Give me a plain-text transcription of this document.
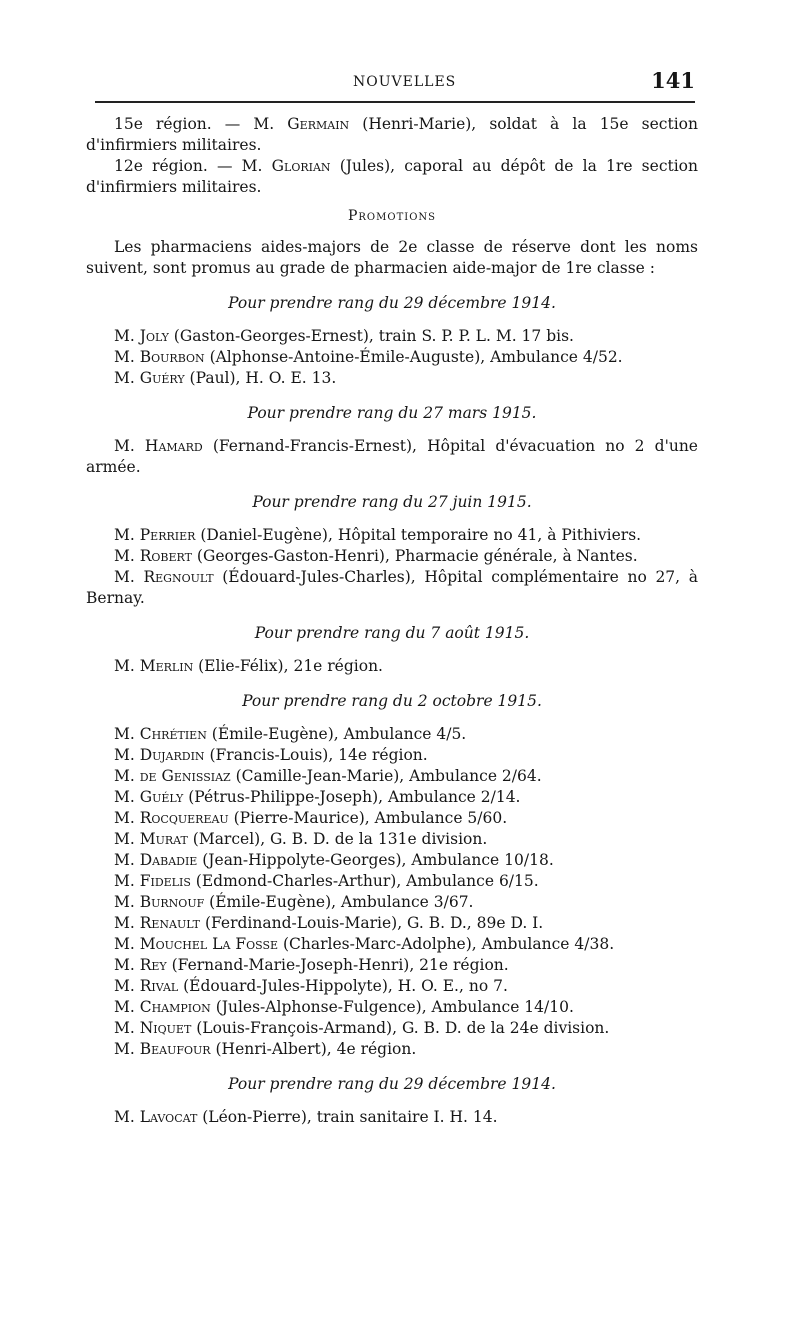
NOUVELLES	141

15e région. — M. Germain (Henri-Marie), soldat à la 15e section d'infirmiers militaires.

12e région. — M. Glorian (Jules), caporal au dépôt de la 1re section d'infirmiers militaires.

Promotions

Les pharmaciens aides-majors de 2e classe de réserve dont les noms suivent, sont promus au grade de pharmacien aide-major de 1re classe :

Pour prendre rang du 29 décembre 1914.

M. Joly (Gaston-Georges-Ernest), train S. P. P. L. M. 17 bis.

M. Bourbon (Alphonse-Antoine-Émile-Auguste), Ambulance 4/52.

M. Guéry (Paul), H. O. E. 13.

Pour prendre rang du 27 mars 1915.

M. Hamard (Fernand-Francis-Ernest), Hôpital d'évacuation no 2 d'une armée.

Pour prendre rang du 27 juin 1915.

M. Perrier (Daniel-Eugène), Hôpital temporaire no 41, à Pithiviers.

M. Robert (Georges-Gaston-Henri), Pharmacie générale, à Nantes.

M. Regnoult (Édouard-Jules-Charles), Hôpital complémentaire no 27, à Bernay.

Pour prendre rang du 7 août 1915.

M. Merlin (Elie-Félix), 21e région.

Pour prendre rang du 2 octobre 1915.

M. Chrétien (Émile-Eugène), Ambulance 4/5.

M. Dujardin (Francis-Louis), 14e région.

M. de Genissiaz (Camille-Jean-Marie), Ambulance 2/64.

M. Guély (Pétrus-Philippe-Joseph), Ambulance 2/14.

M. Rocquereau (Pierre-Maurice), Ambulance 5/60.

M. Murat (Marcel), G. B. D. de la 131e division.

M. Dabadie (Jean-Hippolyte-Georges), Ambulance 10/18.

M. Fidelis (Edmond-Charles-Arthur), Ambulance 6/15.

M. Burnouf (Émile-Eugène), Ambulance 3/67.

M. Renault (Ferdinand-Louis-Marie), G. B. D., 89e D. I.

M. Mouchel La Fosse (Charles-Marc-Adolphe), Ambulance 4/38.

M. Rey (Fernand-Marie-Joseph-Henri), 21e région.

M. Rival (Édouard-Jules-Hippolyte), H. O. E., no 7.

M. Champion (Jules-Alphonse-Fulgence), Ambulance 14/10.

M. Niquet (Louis-François-Armand), G. B. D. de la 24e division.

M. Beaufour (Henri-Albert), 4e région.

Pour prendre rang du 29 décembre 1914.

M. Lavocat (Léon-Pierre), train sanitaire I. H. 14.
